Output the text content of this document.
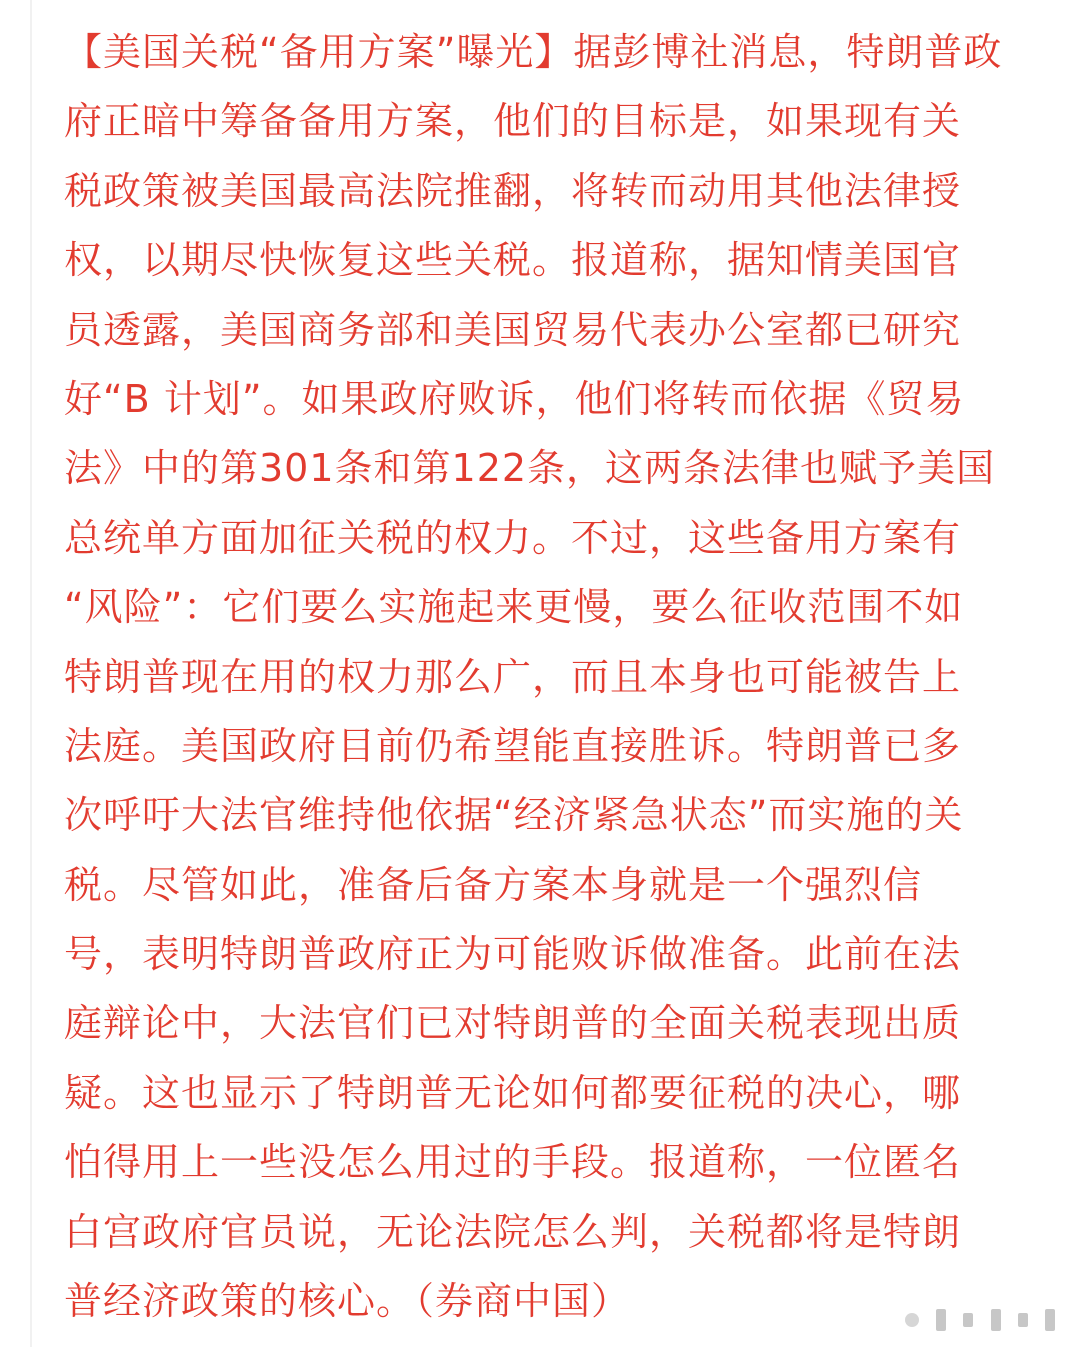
【美国关税“备用方案”曝光】据彭博社消息，特朗普政
府正暗中筹备备用方案，他们的目标是，如果现有关
税政策被美国最高法院推翻，将转而动用其他法律授
权，以期尽快恢复这些关税。报道称，据知情美国官
员透露，美国商务部和美国贸易代表办公室都已研究
好“B 计划”。如果政府败诉，他们将转而依据《贸易
法》中的第301条和第122条，这两条法律也赋予美国
总统单方面加征关税的权力。不过，这些备用方案有
“风险”：它们要么实施起来更慢，要么征收范围不如
特朗普现在用的权力那么广，而且本身也可能被告上
法庭。美国政府目前仍希望能直接胜诉。特朗普已多
次呼吁大法官维持他依据“经济紧急状态”而实施的关
税。尽管如此，准备后备方案本身就是一个强烈信
号，表明特朗普政府正为可能败诉做准备。此前在法
庭辩论中，大法官们已对特朗普的全面关税表现出质
疑。这也显示了特朗普无论如何都要征税的决心，哪
怕得用上一些没怎么用过的手段。报道称，一位匿名
白宫政府官员说，无论法院怎么判，关税都将是特朗
普经济政策的核心。（券商中国）
